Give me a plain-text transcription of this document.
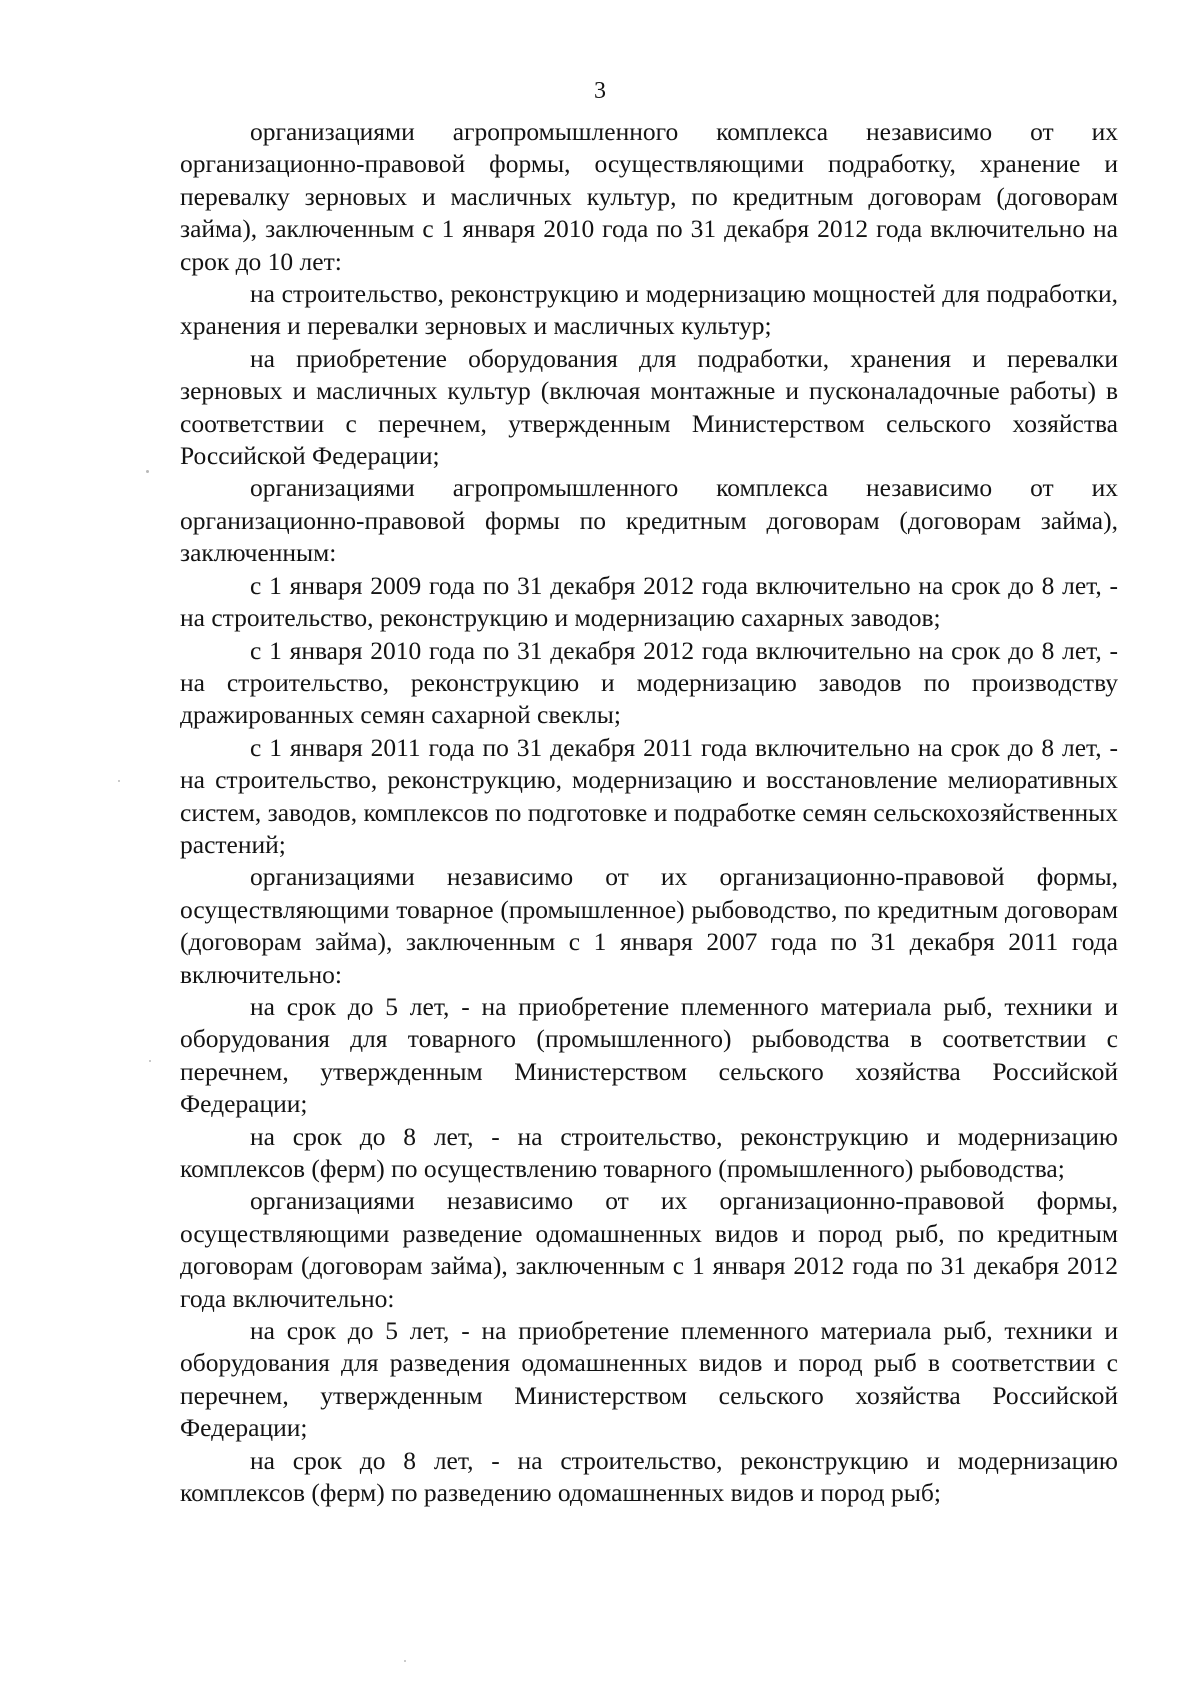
3

организациями агропромышленного комплекса независимо от их организационно-правовой формы, осуществляющими подработку, хранение и перевалку зерновых и масличных культур, по кредитным договорам (договорам займа), заключенным с 1 января 2010 года по 31 декабря 2012 года включительно на срок до 10 лет:

на строительство, реконструкцию и модернизацию мощностей для подработки, хранения и перевалки зерновых и масличных культур;

на приобретение оборудования для подработки, хранения и перевалки зерновых и масличных культур (включая монтажные и пусконаладочные работы) в соответствии с перечнем, утвержденным Министерством сельского хозяйства Российской Федерации;

организациями агропромышленного комплекса независимо от их организационно-правовой формы по кредитным договорам (договорам займа), заключенным:

с 1 января 2009 года по 31 декабря 2012 года включительно на срок до 8 лет, - на строительство, реконструкцию и модернизацию сахарных заводов;

с 1 января 2010 года по 31 декабря 2012 года включительно на срок до 8 лет, - на строительство, реконструкцию и модернизацию заводов по производству дражированных семян сахарной свеклы;

с 1 января 2011 года по 31 декабря 2011 года включительно на срок до 8 лет, - на строительство, реконструкцию, модернизацию и восстановление мелиоративных систем, заводов, комплексов по подготовке и подработке семян сельскохозяйственных растений;

организациями независимо от их организационно-правовой формы, осуществляющими товарное (промышленное) рыбоводство, по кредитным договорам (договорам займа), заключенным с 1 января 2007 года по 31 декабря 2011 года включительно:

на срок до 5 лет, - на приобретение племенного материала рыб, техники и оборудования для товарного (промышленного) рыбоводства в соответствии с перечнем, утвержденным Министерством сельского хозяйства Российской Федерации;

на срок до 8 лет, - на строительство, реконструкцию и модернизацию комплексов (ферм) по осуществлению товарного (промышленного) рыбоводства;

организациями независимо от их организационно-правовой формы, осуществляющими разведение одомашненных видов и пород рыб, по кредитным договорам (договорам займа), заключенным с 1 января 2012 года по 31 декабря 2012 года включительно:

на срок до 5 лет, - на приобретение племенного материала рыб, техники и оборудования для разведения одомашненных видов и пород рыб в соответствии с перечнем, утвержденным Министерством сельского хозяйства Российской Федерации;

на срок до 8 лет, - на строительство, реконструкцию и модернизацию комплексов (ферм) по разведению одомашненных видов и пород рыб;
